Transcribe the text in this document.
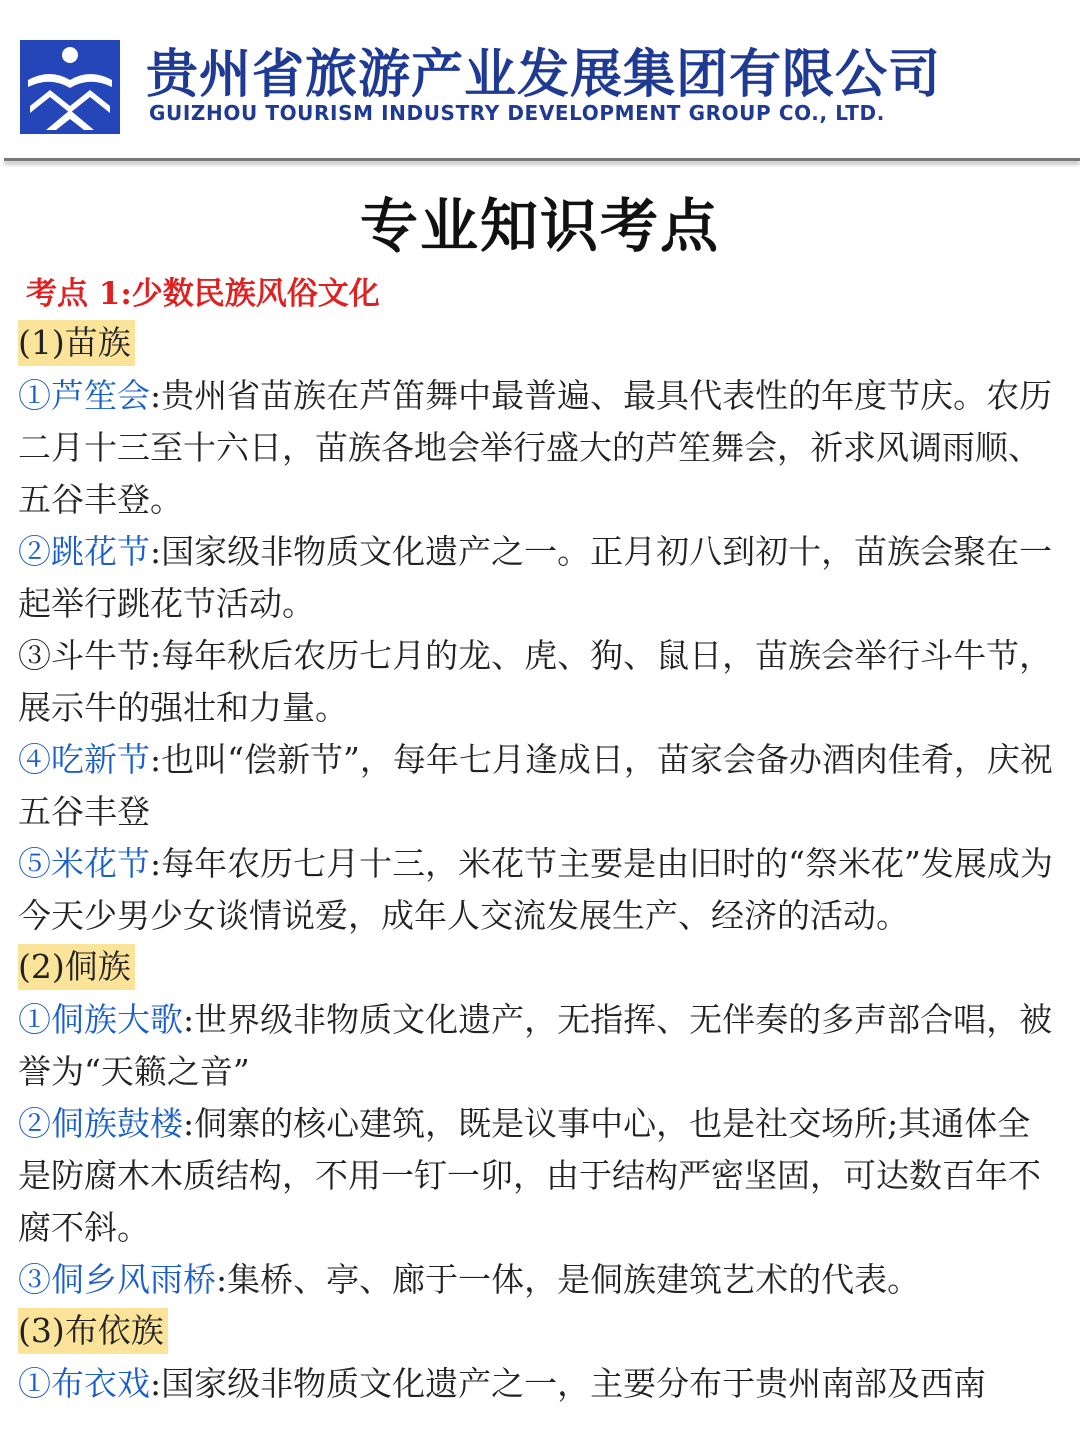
贵州省旅游产业发展集团有限公司
GUIZHOU TOURISM INDUSTRY DEVELOPMENT GROUP CO., LTD.
专业知识考点
考点 1:少数民族风俗文化
(1)苗族

①芦笙会:贵州省苗族在芦笛舞中最普遍、最具代表性的年度节庆。农历二月十三至十六日，苗族各地会举行盛大的芦笙舞会，祈求风调雨顺、五谷丰登。

②跳花节:国家级非物质文化遗产之一。正月初八到初十，苗族会聚在一起举行跳花节活动。

③斗牛节:每年秋后农历七月的龙、虎、狗、鼠日，苗族会举行斗牛节，展示牛的强壮和力量。

④吃新节:也叫“偿新节”，每年七月逢成日，苗家会备办酒肉佳肴，庆祝五谷丰登

⑤米花节:每年农历七月十三，米花节主要是由旧时的“祭米花”发展成为今天少男少女谈情说爱，成年人交流发展生产、经济的活动。

(2)侗族

①侗族大歌:世界级非物质文化遗产，无指挥、无伴奏的多声部合唱，被誉为“天籁之音”

②侗族鼓楼:侗寨的核心建筑，既是议事中心，也是社交场所;其通体全是防腐木木质结构，不用一钉一卯，由于结构严密坚固，可达数百年不腐不斜。

③侗乡风雨桥:集桥、亭、廊于一体，是侗族建筑艺术的代表。

(3)布依族

①布衣戏:国家级非物质文化遗产之一，主要分布于贵州南部及西南
